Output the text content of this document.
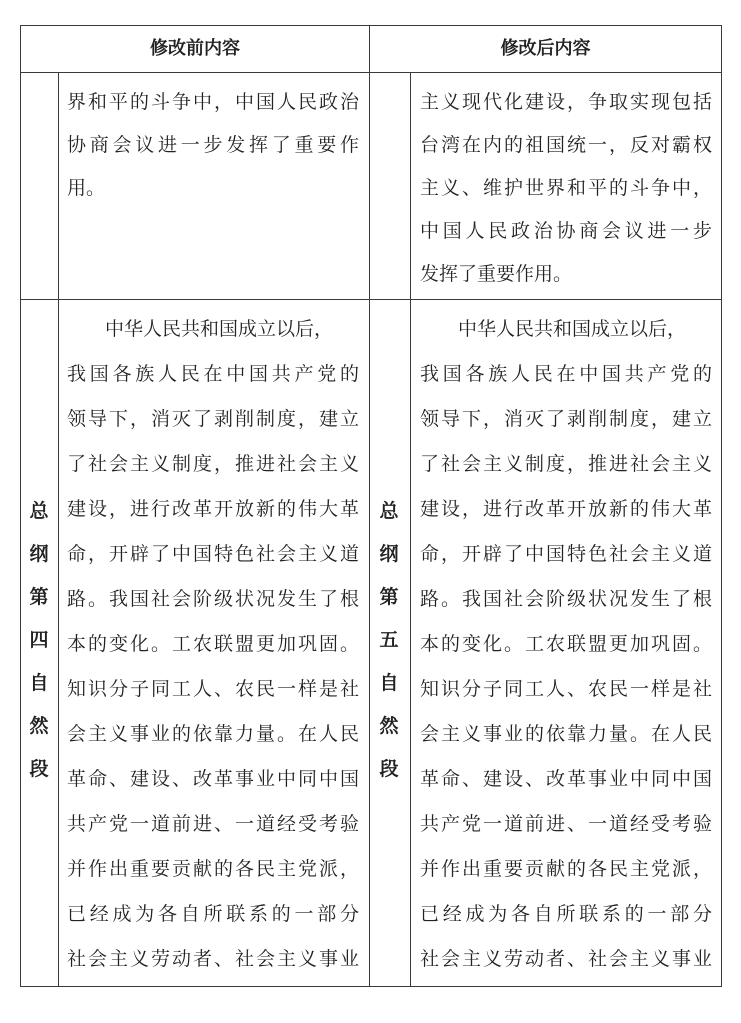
修改前内容	修改后内容
界和平的斗争中，中国人民政治
协商会议进一步发挥了重要作
用。
主义现代化建设，争取实现包括
台湾在内的祖国统一，反对霸权
主义、维护世界和平的斗争中，
中国人民政治协商会议进一步
发挥了重要作用。
总
纲
第
四
自
然
段
总
纲
第
五
自
然
段
　　中华人民共和国成立以后，
我国各族人民在中国共产党的
领导下，消灭了剥削制度，建立
了社会主义制度，推进社会主义
建设，进行改革开放新的伟大革
命，开辟了中国特色社会主义道
路。我国社会阶级状况发生了根
本的变化。工农联盟更加巩固。
知识分子同工人、农民一样是社
会主义事业的依靠力量。在人民
革命、建设、改革事业中同中国
共产党一道前进、一道经受考验
并作出重要贡献的各民主党派，
已经成为各自所联系的一部分
社会主义劳动者、社会主义事业
　　中华人民共和国成立以后，
我国各族人民在中国共产党的
领导下，消灭了剥削制度，建立
了社会主义制度，推进社会主义
建设，进行改革开放新的伟大革
命，开辟了中国特色社会主义道
路。我国社会阶级状况发生了根
本的变化。工农联盟更加巩固。
知识分子同工人、农民一样是社
会主义事业的依靠力量。在人民
革命、建设、改革事业中同中国
共产党一道前进、一道经受考验
并作出重要贡献的各民主党派，
已经成为各自所联系的一部分
社会主义劳动者、社会主义事业
